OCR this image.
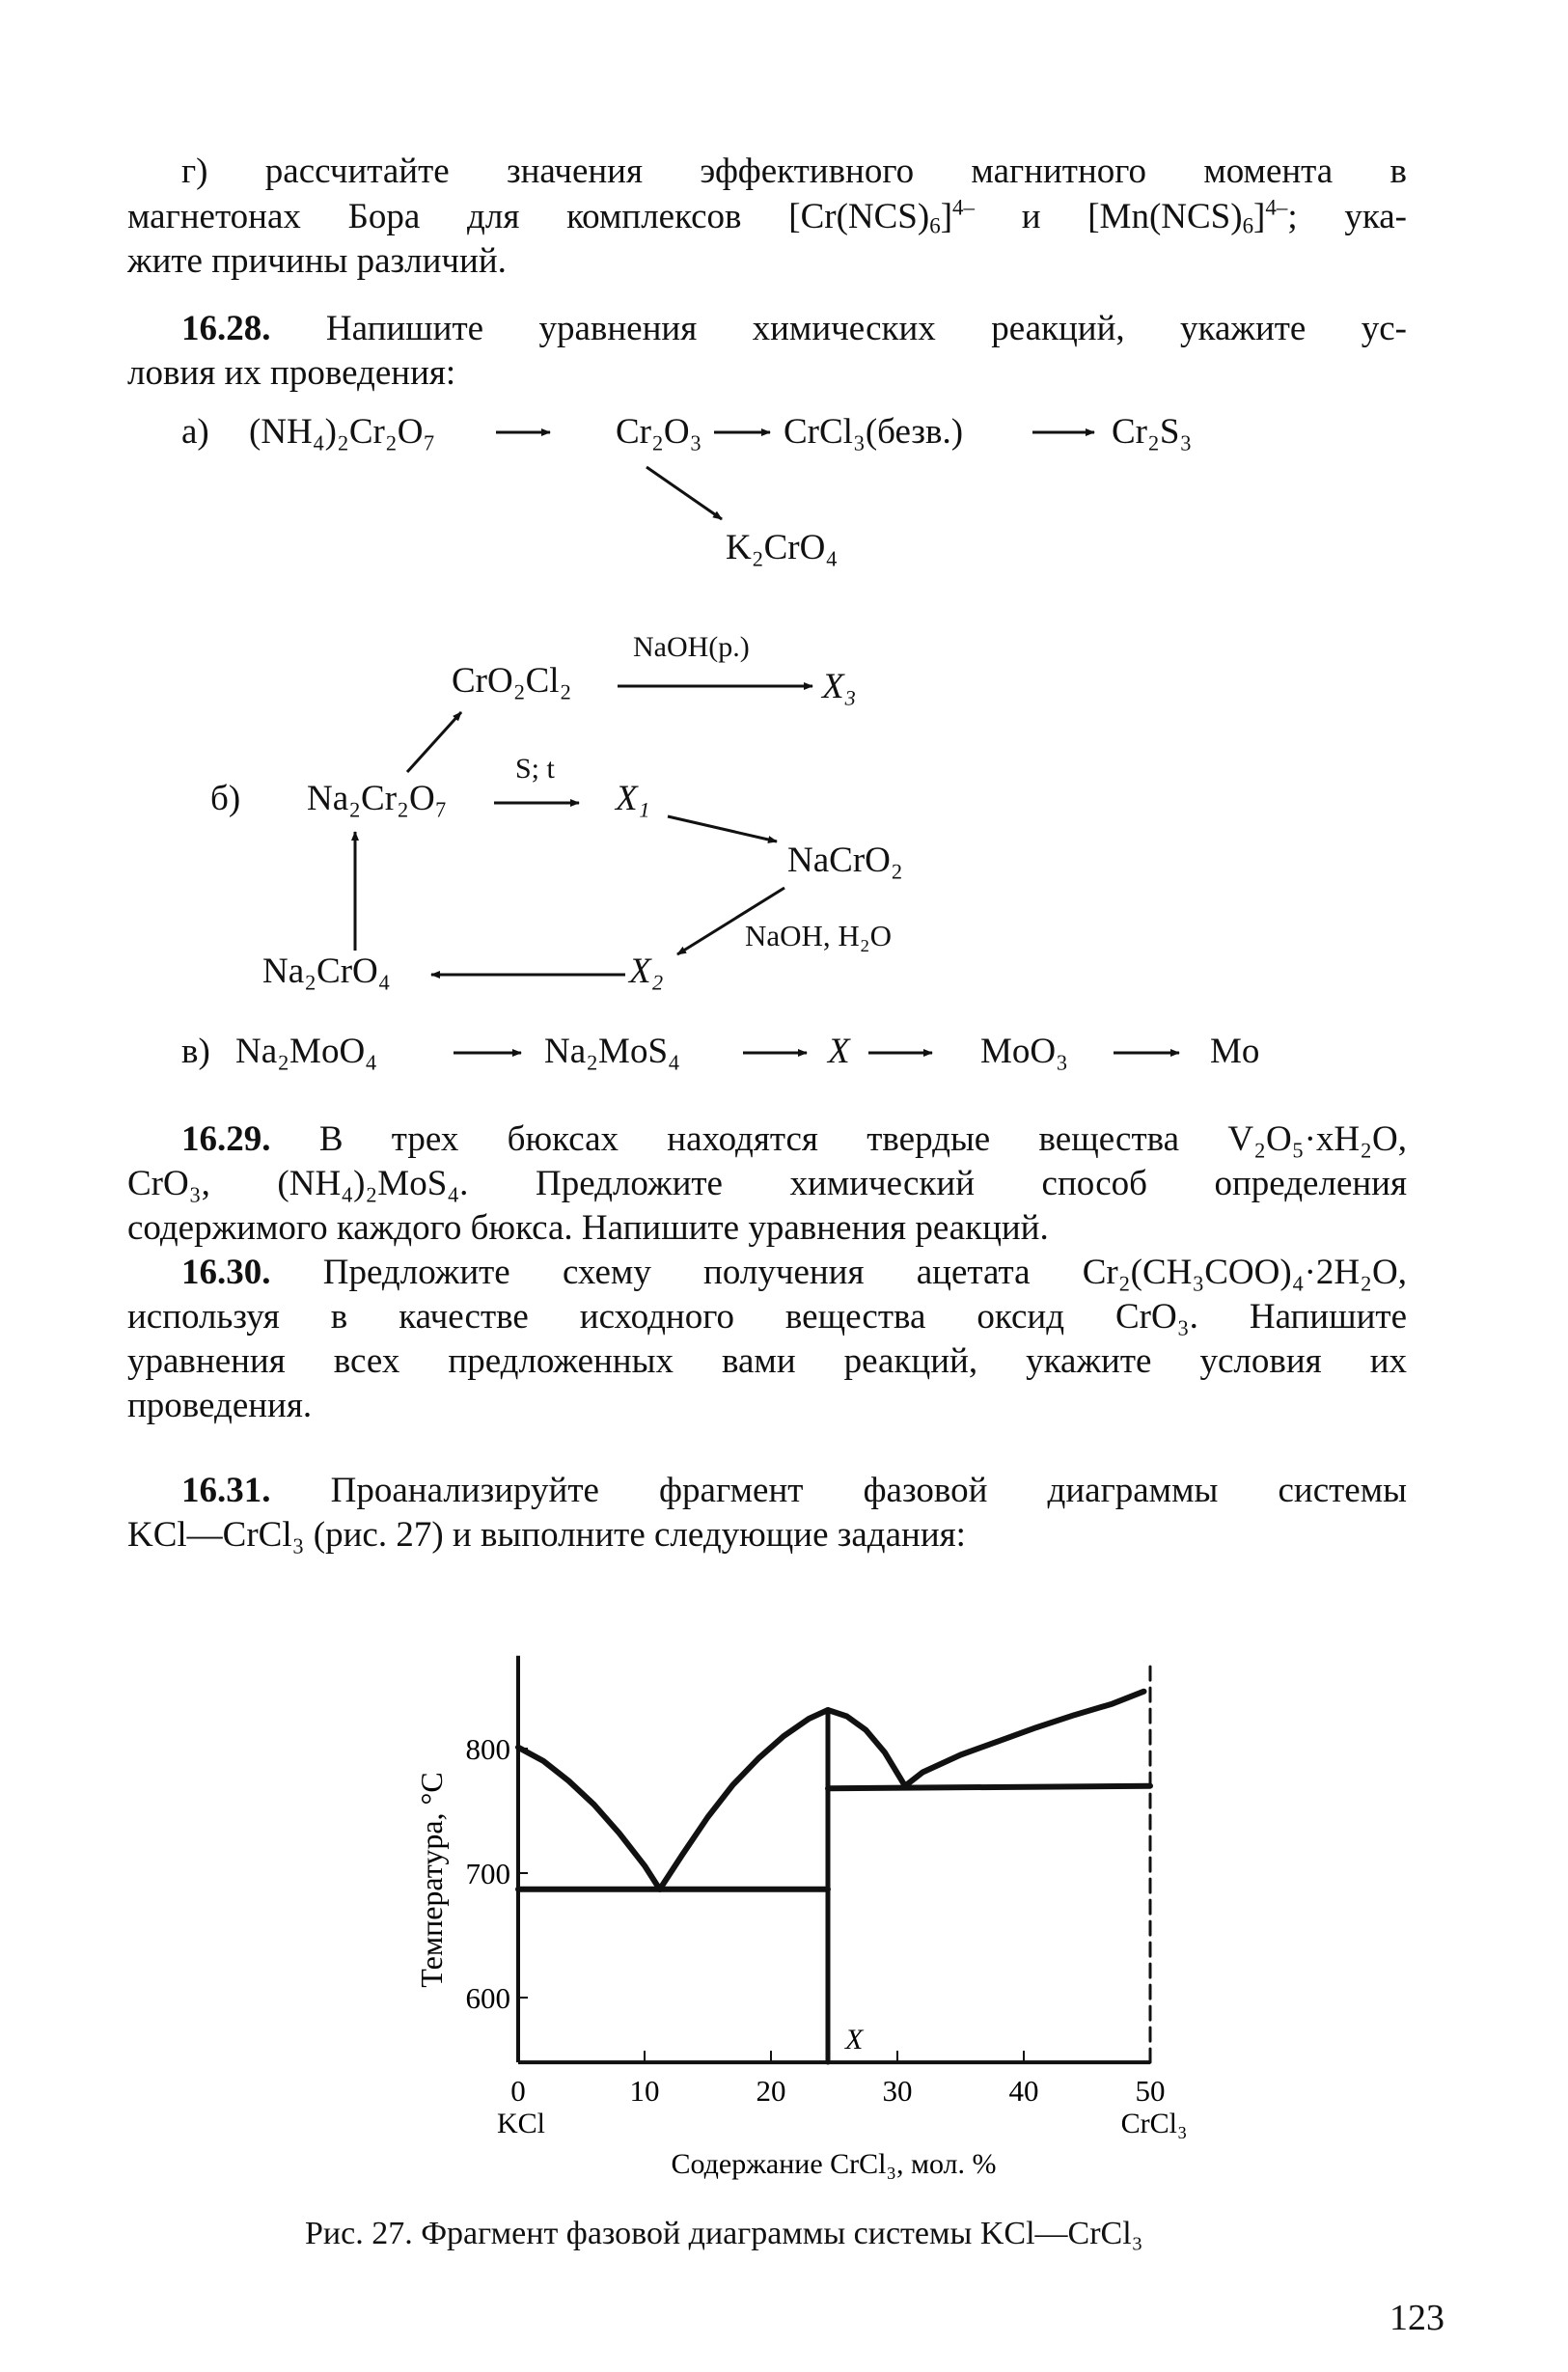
г) рассчитайте значения эффективного магнитного момента в
магнетонах Бора для комплексов $[Cr(NCS)_6]^{4-}$ и $[Mn(NCS)_6]^{4-}$; ука-
жите причины различий.
16.28. Напишите уравнения химических реакций, укажите ус-
ловия их проведения:
а) (NH₄)₂Cr₂O₇	Cr₂O₃ CrCl₃(безв.)	Cr₂S₃
K₂CrO₄
б)
CrO₂Cl₂
NaOH(р.)
X₃
Na₂Cr₂O₇
S; t
X₁
NaCrO₂
NaOH, H₂O
X₂
Na₂CrO₄
в) Na₂MoO₄	Na₂MoS₄	X	MoO₃	Mo
16.29. В трех бюксах находятся твердые вещества V₂O₅·xH₂O,
CrO₃, (NH₄)₂MoS₄. Предложите химический способ определения
содержимого каждого бюкса. Напишите уравнения реакций.
16.30. Предложите схему получения ацетата Cr₂(CH₃COO)₄·2H₂O,
используя в качестве исходного вещества оксид CrO₃. Напишите
уравнения всех предложенных вами реакций, укажите условия их
проведения.
16.31. Проанализируйте фрагмент фазовой диаграммы системы
KCl—CrCl₃ (рис. 27) и выполните следующие задания:
600
700
800
0	10	20	30	40	50
Температура, °С
Содержание CrCl₃, мол. %
KCl	CrCl₃
X
Рис. 27. Фрагмент фазовой диаграммы системы KCl—CrCl₃
123
